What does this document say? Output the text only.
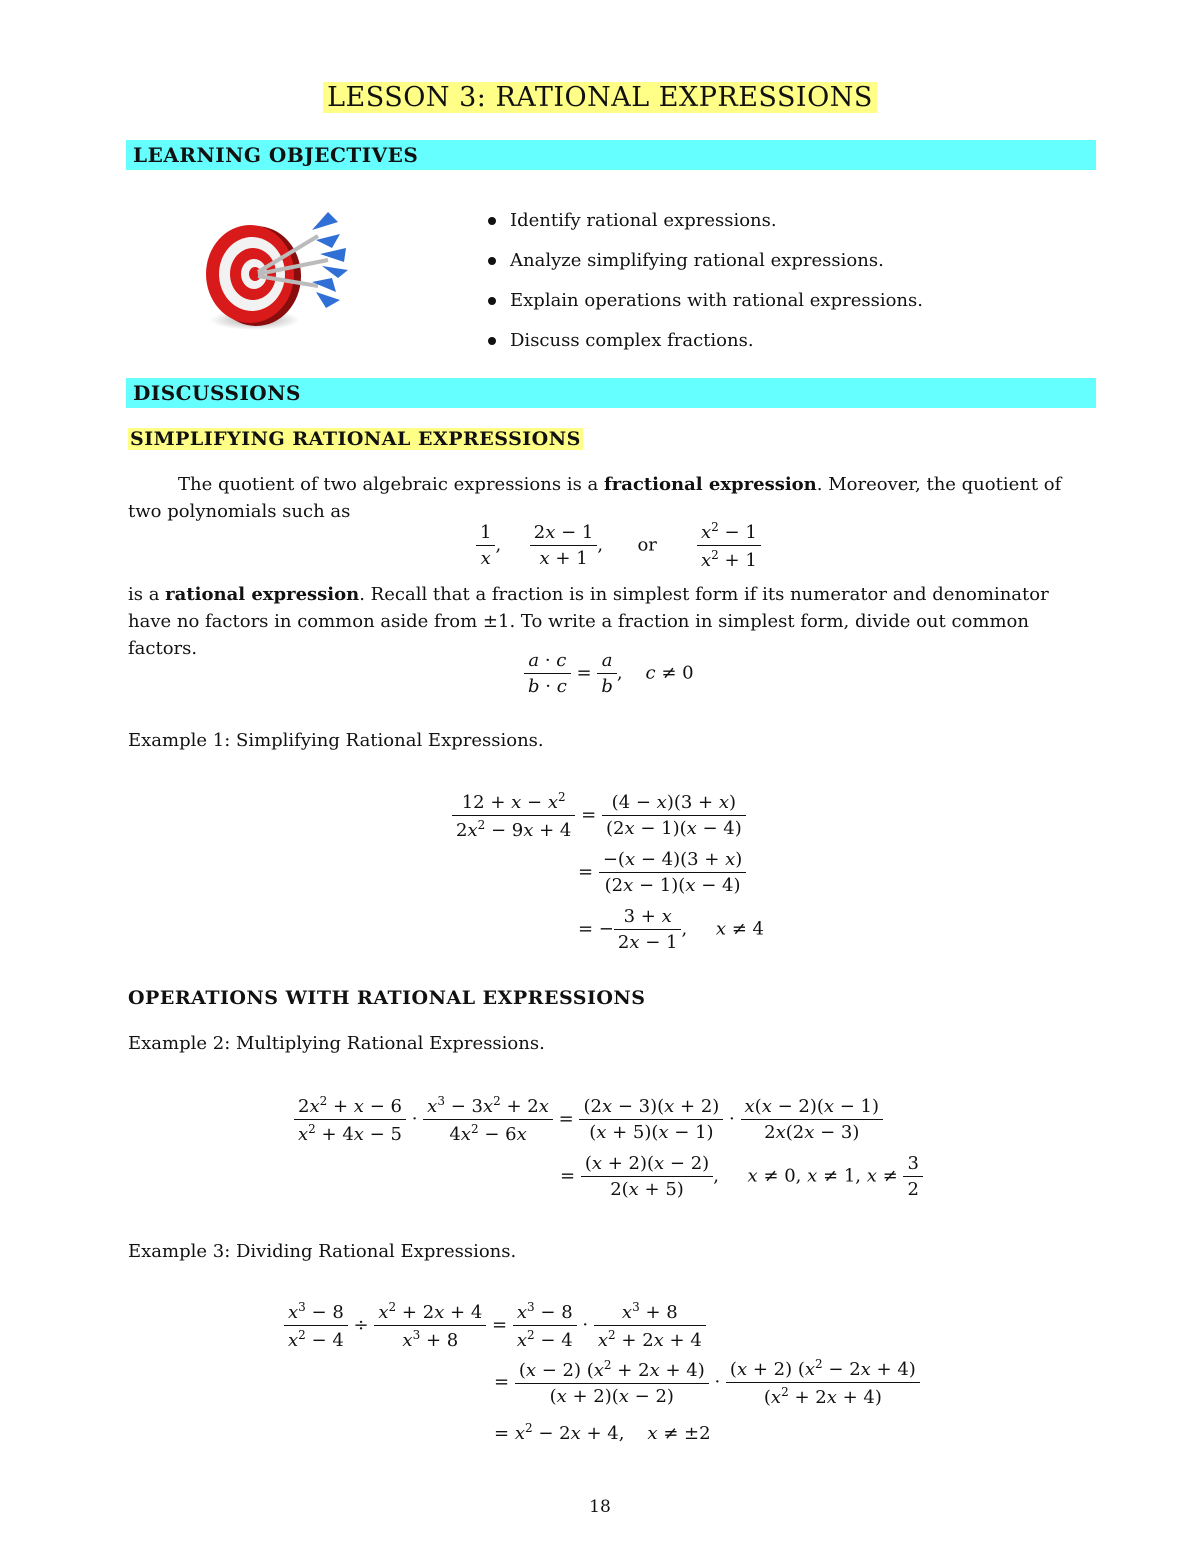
LESSON 3: RATIONAL EXPRESSIONS
LEARNING OBJECTIVES
Identify rational expressions.
Analyze simplifying rational expressions.
Explain operations with rational expressions.
Discuss complex fractions.
DISCUSSIONS
SIMPLIFYING RATIONAL EXPRESSIONS
The quotient of two algebraic expressions is a fractional expression. Moreover, the quotient of two polynomials such as
$\frac{1}{x}$ , $\frac{2x - 1}{x + 1}$ , or $\frac{x^2 - 1}{x^2 + 1}$
is a rational expression. Recall that a fraction is in simplest form if its numerator and denominator have no factors in common aside from ±1. To write a fraction in simplest form, divide out common factors.
$\frac{a \cdot c}{b \cdot c} = \frac{a}{b}$ ,    c ≠ 0
Example 1: Simplifying Rational Expressions.
$\frac{12 + x - x^2}{2x^2 - 9x + 4} = \frac{(4 - x)(3 + x)}{(2x - 1)(x - 4)}$
= $\frac{-(x - 4)(3 + x)}{(2x - 1)(x - 4)}$
= − $\frac{3 + x}{2x - 1}$ ,     x ≠ 4
OPERATIONS WITH RATIONAL EXPRESSIONS
Example 2: Multiplying Rational Expressions.
$\frac{2x^2 + x - 6}{x^2 + 4x - 5} \cdot \frac{x^3 - 3x^2 + 2x}{4x^2 - 6x} = \frac{(2x - 3)(x + 2)}{(x + 5)(x - 1)} \cdot \frac{x(x - 2)(x - 1)}{2x(2x - 3)}$
= $\frac{(x + 2)(x - 2)}{2(x + 5)}$ ,     x ≠ 0, x ≠ 1, $x \ne \frac{3}{2}$
Example 3: Dividing Rational Expressions.
$\frac{x^3 - 8}{x^2 - 4} \div \frac{x^2 + 2x + 4}{x^3 + 8} = \frac{x^3 - 8}{x^2 - 4} \cdot \frac{x^3 + 8}{x^2 + 2x + 4}$
= $\frac{(x - 2) (x^2 + 2x + 4)}{(x + 2)(x - 2)} \cdot \frac{(x + 2) (x^2 - 2x + 4)}{(x^2 + 2x + 4)}$
= $x^2 - 2x + 4$,    x ≠ ±2
18
